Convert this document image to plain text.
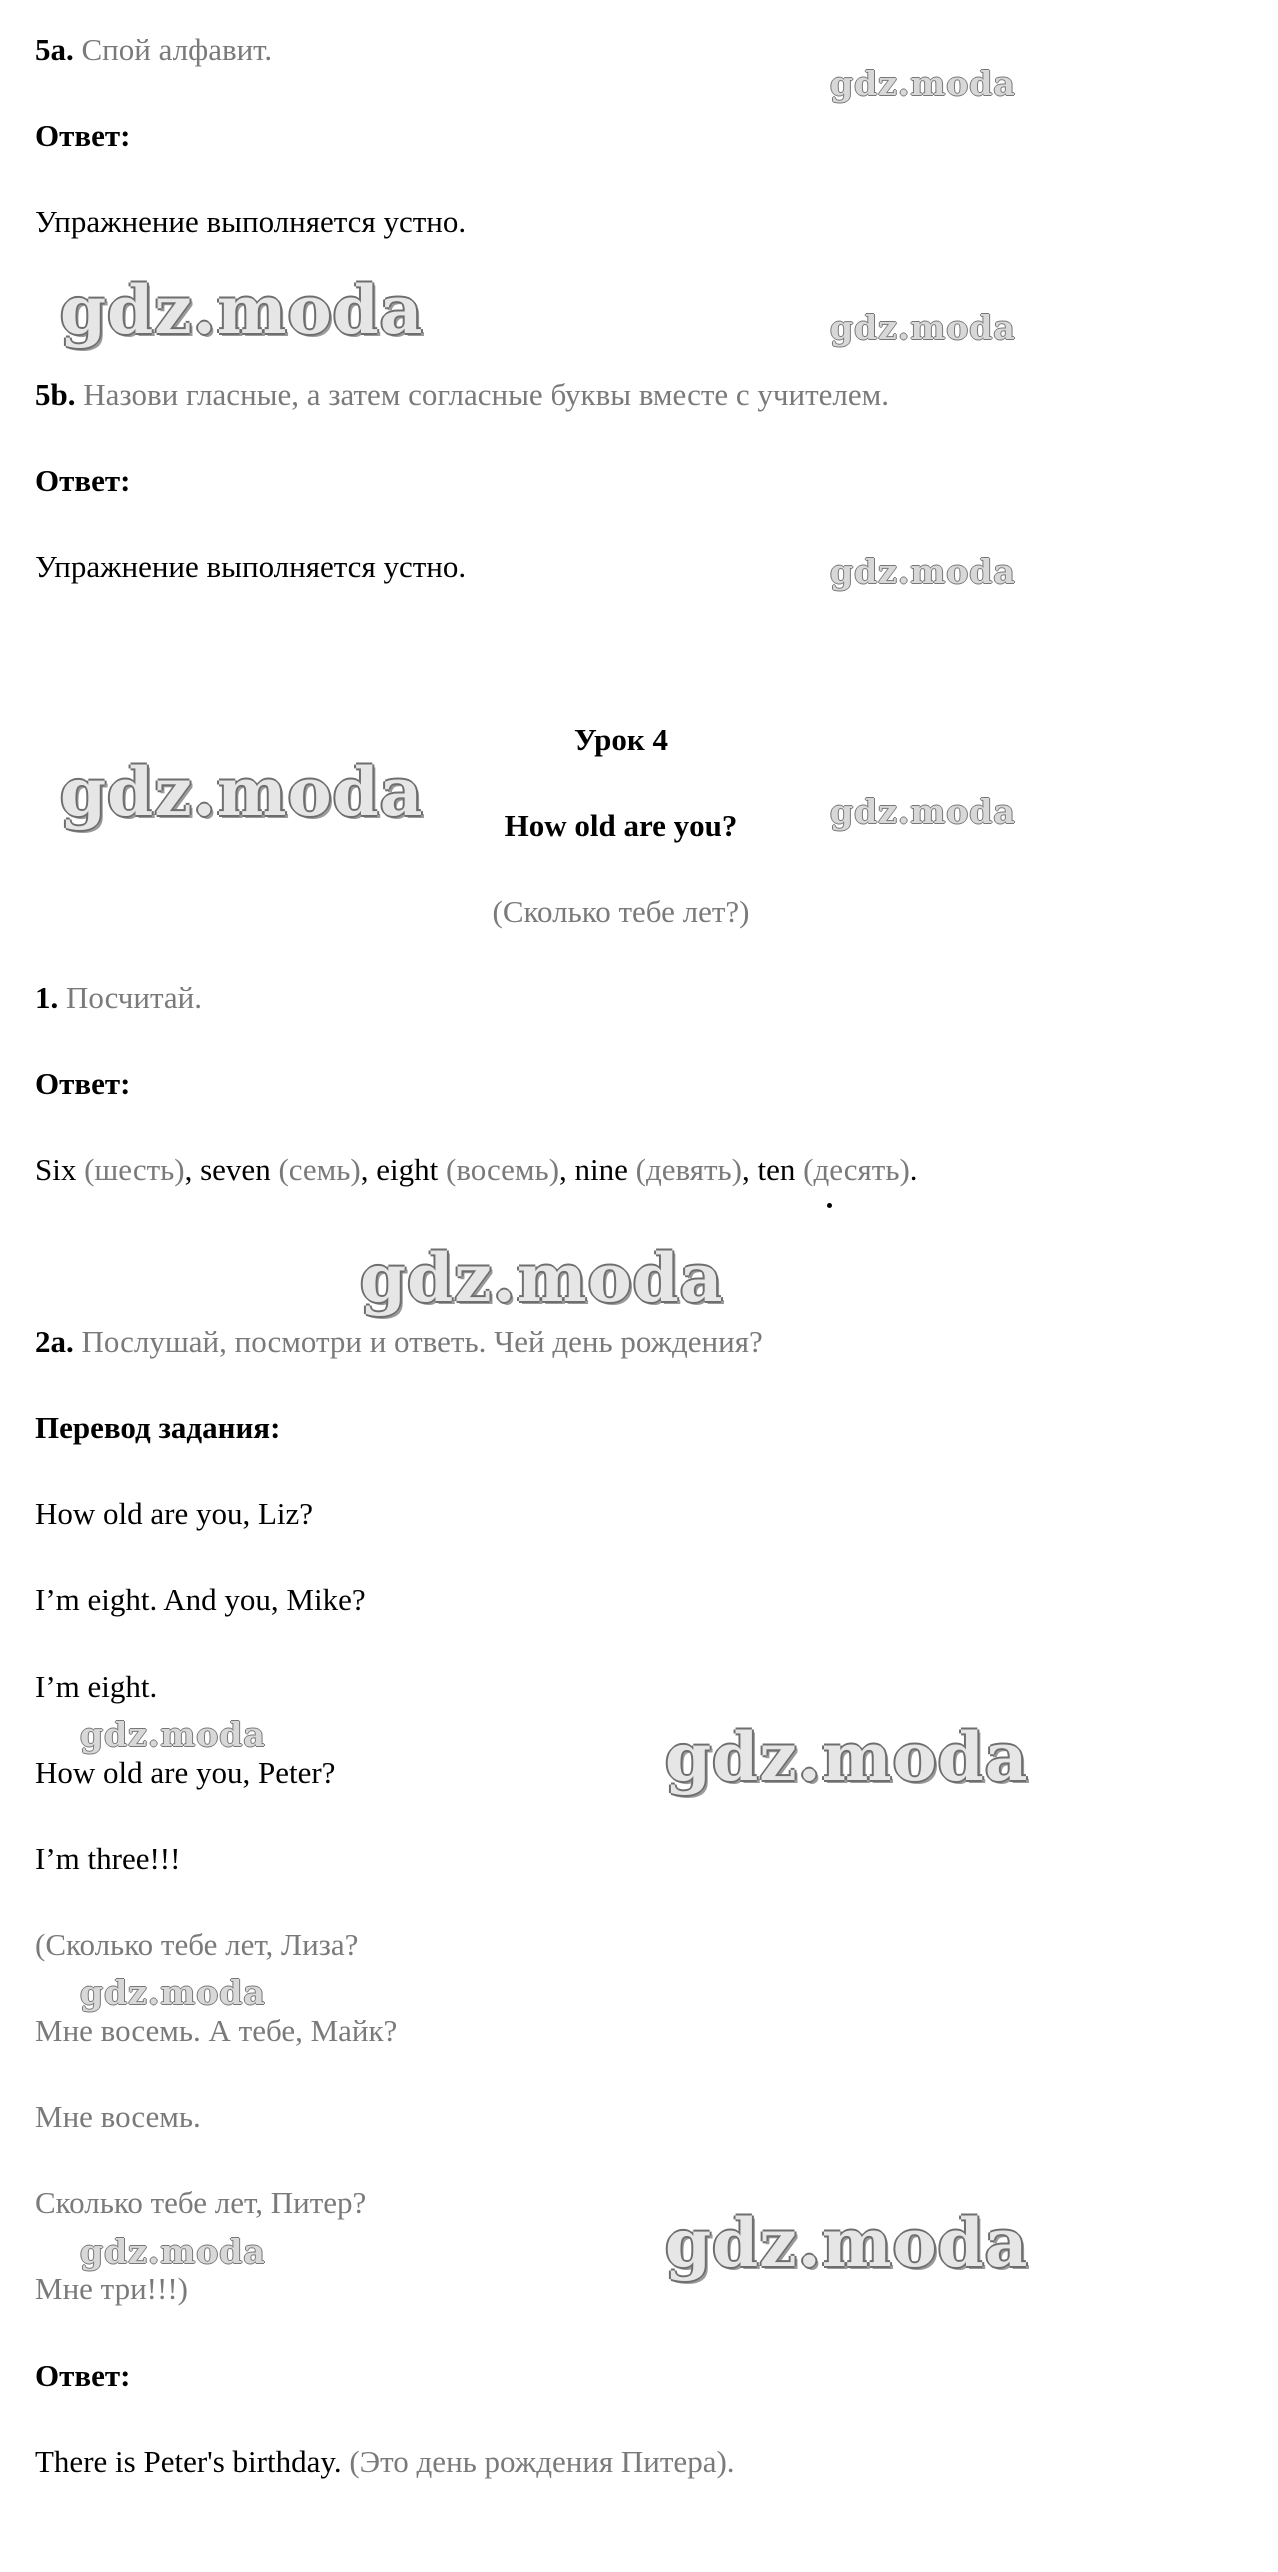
5a. Спой алфавит.
Ответ:
Упражнение выполняется устно.
5b. Назови гласные, а затем согласные буквы вместе с учителем.
Ответ:
Упражнение выполняется устно.
Урок 4
How old are you?
(Сколько тебе лет?)
1. Посчитай.
Ответ:
Six (шесть), seven (семь), eight (восемь), nine (девять), ten (десять).
2a. Послушай, посмотри и ответь. Чей день рождения?
Перевод задания:
How old are you, Liz?
I’m eight. And you, Mike?
I’m eight.
How old are you, Peter?
I’m three!!!
(Сколько тебе лет, Лиза?
Мне восемь. А тебе, Майк?
Мне восемь.
Сколько тебе лет, Питер?
Мне три!!!)
Ответ:
There is Peter's birthday. (Это день рождения Питера).
gdz.moda
gdz.moda	gdz.moda
gdz.moda
gdz.moda	gdz.moda
gdz.moda
gdz.moda	gdz.moda
gdz.moda
gdz.moda
gdz.moda
